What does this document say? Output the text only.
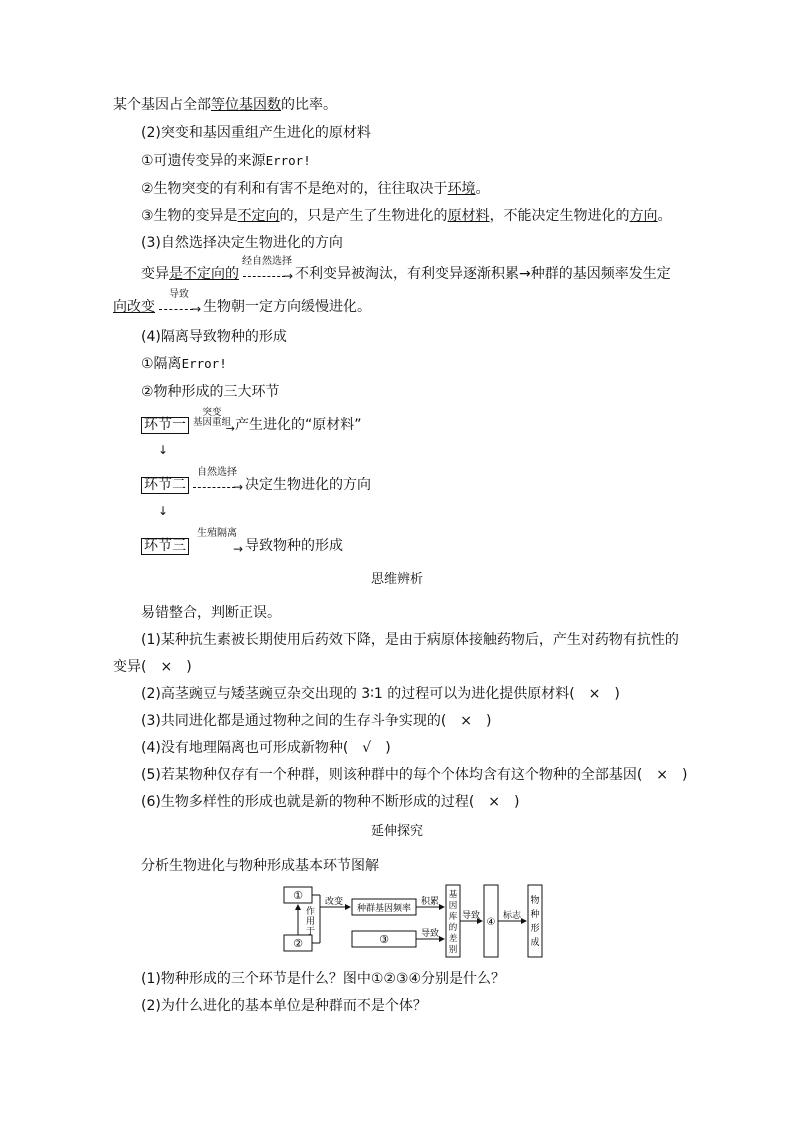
某个基因占全部等位基因数的比率。
(2)突变和基因重组产生进化的原材料
①可遗传变异的来源Error!
②生物突变的有利和有害不是绝对的，往往取决于环境。
③生物的变异是不定向的，只是产生了生物进化的原材料，不能决定生物进化的方向。
(3)自然选择决定生物进化的方向
变异是不定向的
经自然选择
→ 不利变异被淘汰，有利变异逐渐积累→种群的基因频率发生定
向改变
导致
→ 生物朝一定方向缓慢进化。
(4)隔离导致物种的形成
①隔离Error!
②物种形成的三大环节
环节一
突变
基因重组
→ 产生进化的“原材料”
↓
环节二
自然选择
→ 决定生物进化的方向
↓
环节三
生殖隔离
→ 导致物种的形成
思维辨析
易错整合，判断正误。
(1)某种抗生素被长期使用后药效下降，是由于病原体接触药物后，产生对药物有抗性的
变异(　×　)
(2)高茎豌豆与矮茎豌豆杂交出现的 3∶1 的过程可以为进化提供原材料(　×　)
(3)共同进化都是通过物种之间的生存斗争实现的(　×　)
(4)没有地理隔离也可形成新物种(　√　)
(5)若某物种仅存有一个种群，则该种群中的每个个体均含有这个物种的全部基因(　×　)
(6)生物多样性的形成也就是新的物种不断形成的过程(　×　)
延伸探究
分析生物进化与物种形成基本环节图解
①
②
作
用
于
改变
种群基因频率
积累
③	导致
基
因
库
的
差
别
导致
④
标志
物
种
形
成
(1)物种形成的三个环节是什么？图中①②③④分别是什么？
(2)为什么进化的基本单位是种群而不是个体？
